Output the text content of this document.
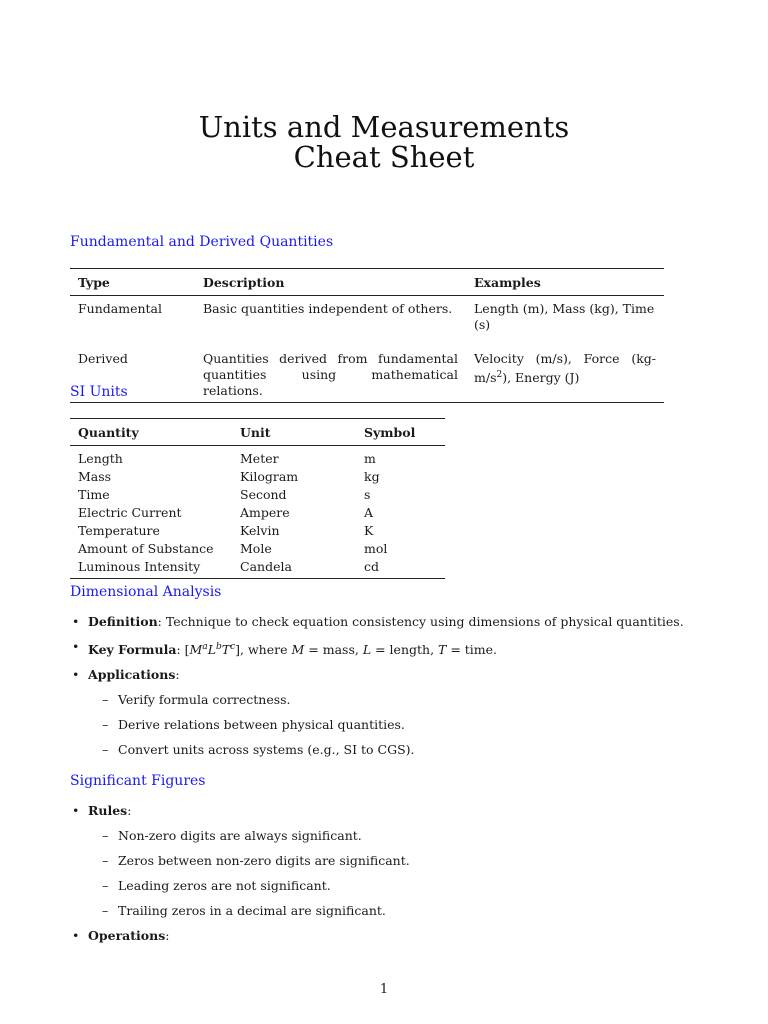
Units and Measurements
Cheat Sheet
Fundamental and Derived Quantities
Type	Description	Examples
Fundamental	Basic quantities independent of others.	Length (m), Mass (kg), Time (s)
Derived	Quantities derived from fundamental quantities using mathematical relations.	Velocity (m/s), Force $(kg-m/s^2)$, Energy (J)
SI Units
Quantity	Unit	Symbol
Length	Meter	m
Mass	Kilogram	kg
Time	Second	s
Electric Current	Ampere	A
Temperature	Kelvin	K
Amount of Substance	Mole	mol
Luminous Intensity	Candela	cd
Dimensional Analysis
• Definition: Technique to check equation consistency using dimensions of physical quantities.
• Key Formula: $[M^aL^bT^c]$, where M = mass, L = length, T = time.
• Applications:
– Verify formula correctness.
– Derive relations between physical quantities.
– Convert units across systems (e.g., SI to CGS).
Significant Figures
• Rules:
– Non-zero digits are always significant.
– Zeros between non-zero digits are significant.
– Leading zeros are not significant.
– Trailing zeros in a decimal are significant.
• Operations:
1
